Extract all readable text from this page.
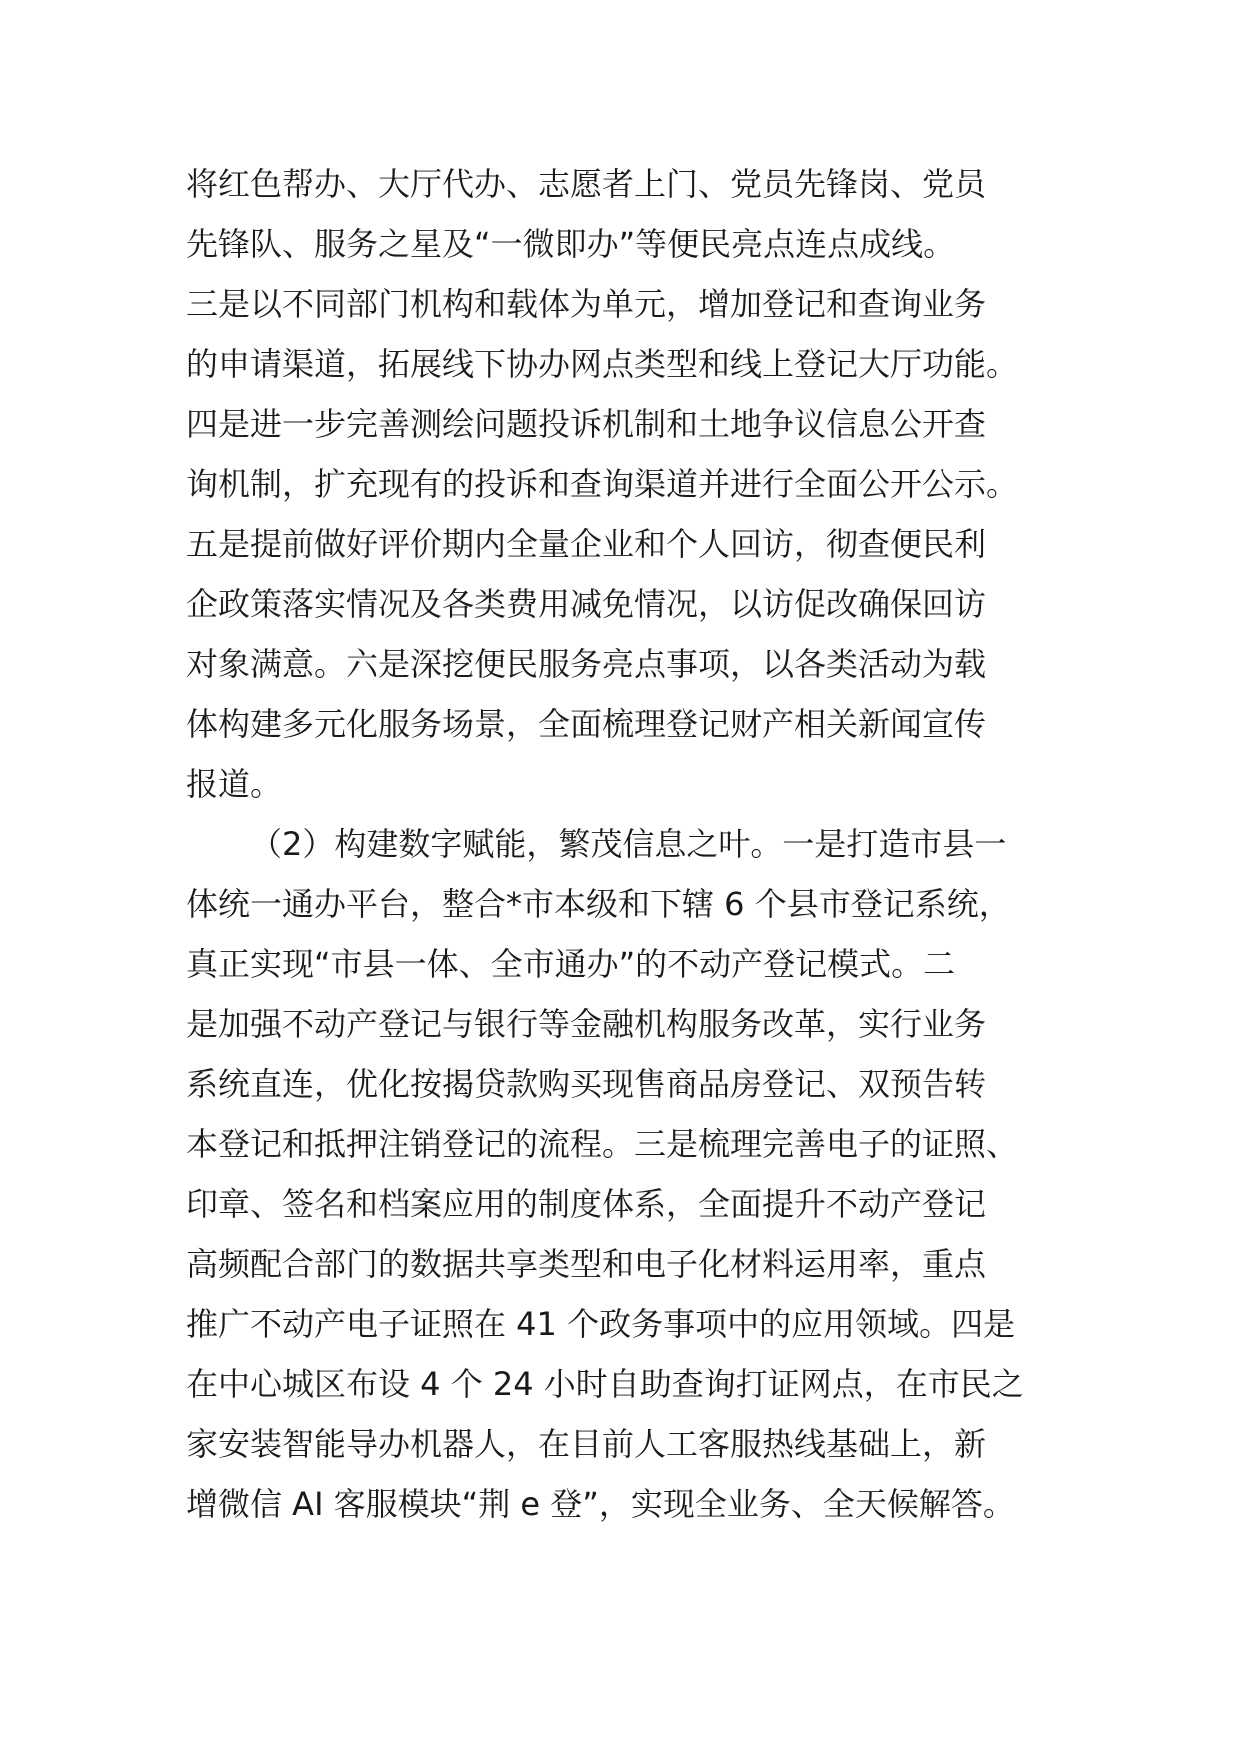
将红色帮办、大厅代办、志愿者上门、党员先锋岗、党员
先锋队、服务之星及“一微即办”等便民亮点连点成线。
三是以不同部门机构和载体为单元，增加登记和查询业务
的申请渠道，拓展线下协办网点类型和线上登记大厅功能。
四是进一步完善测绘问题投诉机制和土地争议信息公开查
询机制，扩充现有的投诉和查询渠道并进行全面公开公示。
五是提前做好评价期内全量企业和个人回访，彻查便民利
企政策落实情况及各类费用减免情况，以访促改确保回访
对象满意。六是深挖便民服务亮点事项，以各类活动为载
体构建多元化服务场景，全面梳理登记财产相关新闻宣传
报道。
（2）构建数字赋能，繁茂信息之叶。一是打造市县一
体统一通办平台，整合*市本级和下辖 6 个县市登记系统，
真正实现“市县一体、全市通办”的不动产登记模式。二
是加强不动产登记与银行等金融机构服务改革，实行业务
系统直连，优化按揭贷款购买现售商品房登记、双预告转
本登记和抵押注销登记的流程。三是梳理完善电子的证照、
印章、签名和档案应用的制度体系，全面提升不动产登记
高频配合部门的数据共享类型和电子化材料运用率，重点
推广不动产电子证照在 41 个政务事项中的应用领域。四是
在中心城区布设 4 个 24 小时自助查询打证网点，在市民之
家安装智能导办机器人，在目前人工客服热线基础上，新
增微信 AI 客服模块“荆 e 登”，实现全业务、全天候解答。
